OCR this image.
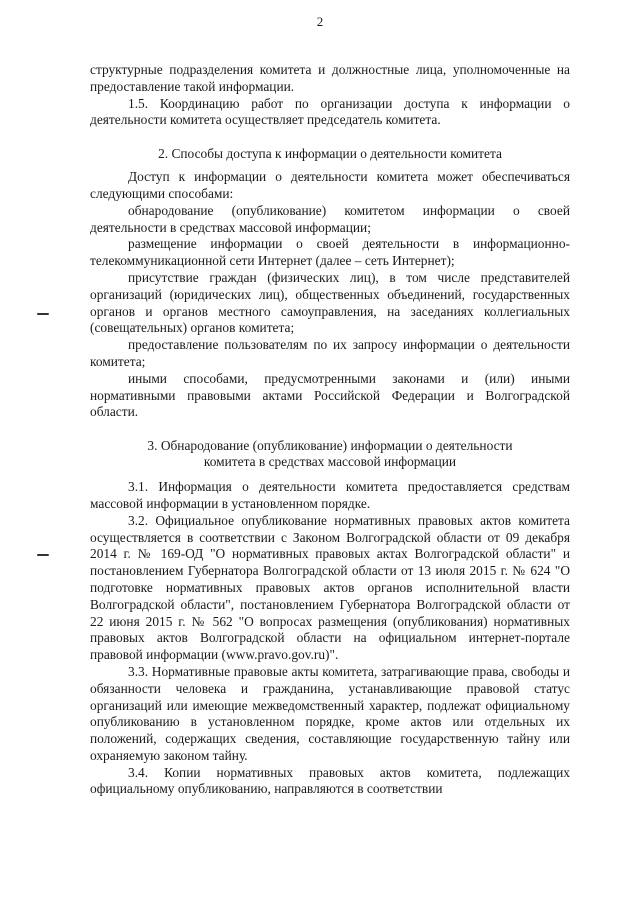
2

структурные подразделения комитета и должностные лица, уполномоченные на предоставление такой информации.

1.5. Координацию работ по организации доступа к информации о деятельности комитета осуществляет председатель комитета.

2. Способы доступа к информации о деятельности комитета

Доступ к информации о деятельности комитета может обеспечиваться следующими способами:

обнародование (опубликование) комитетом информации о своей деятельности в средствах массовой информации;

размещение информации о своей деятельности в информационно-телекоммуникационной сети Интернет (далее – сеть Интернет);

присутствие граждан (физических лиц), в том числе представителей организаций (юридических лиц), общественных объединений, государственных органов и органов местного самоуправления, на заседаниях коллегиальных (совещательных) органов комитета;

предоставление пользователям по их запросу информации о деятельности комитета;

иными способами, предусмотренными законами и (или) иными нормативными правовыми актами Российской Федерации и Волгоградской области.

3. Обнародование (опубликование) информации о деятельности
комитета в средствах массовой информации

3.1. Информация о деятельности комитета предоставляется средствам массовой информации в установленном порядке.

3.2. Официальное опубликование нормативных правовых актов комитета осуществляется в соответствии с Законом Волгоградской области от 09 декабря 2014 г. № 169-ОД "О нормативных правовых актах Волгоградской области" и постановлением Губернатора Волгоградской области от 13 июля 2015 г. № 624 "О подготовке нормативных правовых актов органов исполнительной власти Волгоградской области", постановлением Губернатора Волгоградской области от 22 июня 2015 г. № 562 "О вопросах размещения (опубликования) нормативных правовых актов Волгоградской области на официальном интернет-портале правовой информации (www.pravo.gov.ru)".

3.3. Нормативные правовые акты комитета, затрагивающие права, свободы и обязанности человека и гражданина, устанавливающие правовой статус организаций или имеющие межведомственный характер, подлежат официальному опубликованию в установленном порядке, кроме актов или отдельных их положений, содержащих сведения, составляющие государственную тайну или охраняемую законом тайну.

3.4. Копии нормативных правовых актов комитета, подлежащих официальному опубликованию, направляются в соответствии
